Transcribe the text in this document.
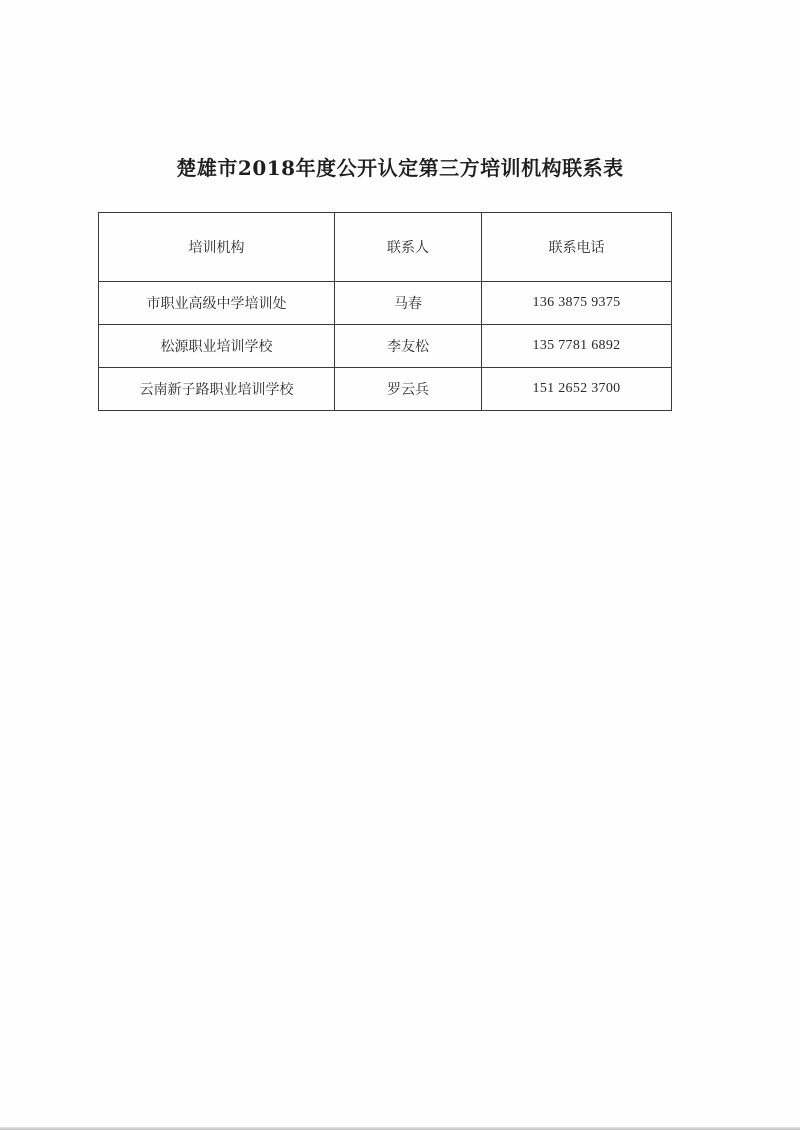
楚雄市2018年度公开认定第三方培训机构联系表
培训机构	联系人	联系电话
市职业高级中学培训处	马春	136 3875 9375
松源职业培训学校	李友松	135 7781 6892
云南新子路职业培训学校	罗云兵	151 2652 3700
